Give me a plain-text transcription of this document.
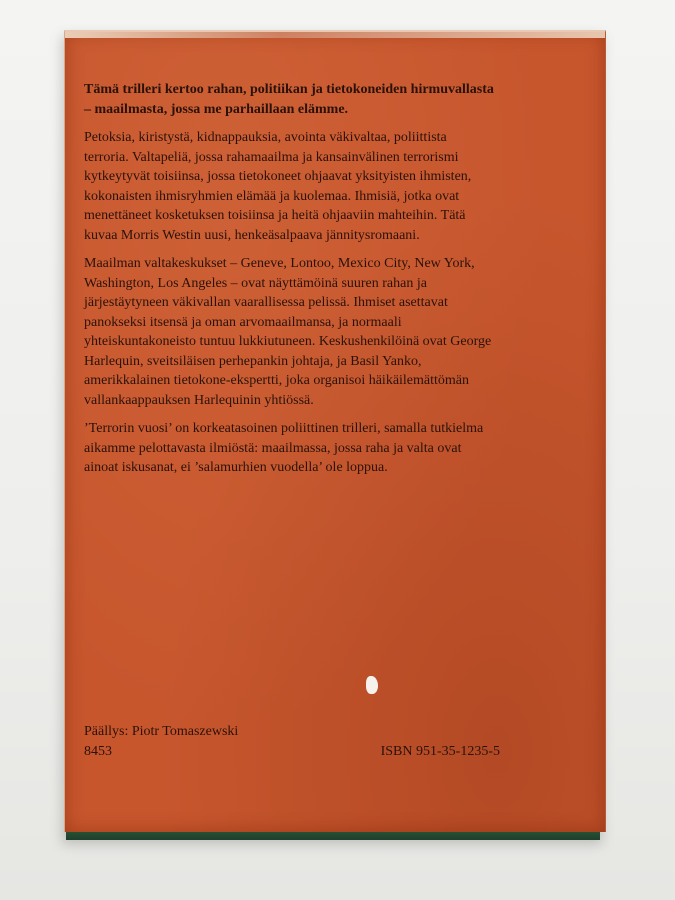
Tämä trilleri kertoo rahan, politiikan ja tietokoneiden hirmuvallasta – maailmasta, jossa me parhaillaan elämme.

Petoksia, kiristystä, kidnappauksia, avointa väkivaltaa, poliittista terroria. Valtapeliä, jossa rahamaailma ja kansainvälinen terrorismi kytkeytyvät toisiinsa, jossa tietokoneet ohjaavat yksityisten ihmisten, kokonaisten ihmisryhmien elämää ja kuolemaa. Ihmisiä, jotka ovat menettäneet kosketuksen toisiinsa ja heitä ohjaaviin mahteihin. Tätä kuvaa Morris Westin uusi, henkeäsalpaava jännitysromaani.

Maailman valtakeskukset – Geneve, Lontoo, Mexico City, New York, Washington, Los Angeles – ovat näyttämöinä suuren rahan ja järjestäytyneen väkivallan vaarallisessa pelissä. Ihmiset asettavat panokseksi itsensä ja oman arvomaailmansa, ja normaali yhteiskuntakoneisto tuntuu lukkiutuneen. Keskushenkilöinä ovat George Harlequin, sveitsiläisen perhepankin johtaja, ja Basil Yanko, amerikkalainen tietokone-ekspertti, joka organisoi häikäilemättömän vallankaappauksen Harlequinin yhtiössä.

’Terrorin vuosi’ on korkeatasoinen poliittinen trilleri, samalla tutkielma aikamme pelottavasta ilmiöstä: maailmassa, jossa raha ja valta ovat ainoat iskusanat, ei ’salamurhien vuodella’ ole loppua.

Päällys: Piotr Tomaszewski
8453	ISBN 951-35-1235-5
